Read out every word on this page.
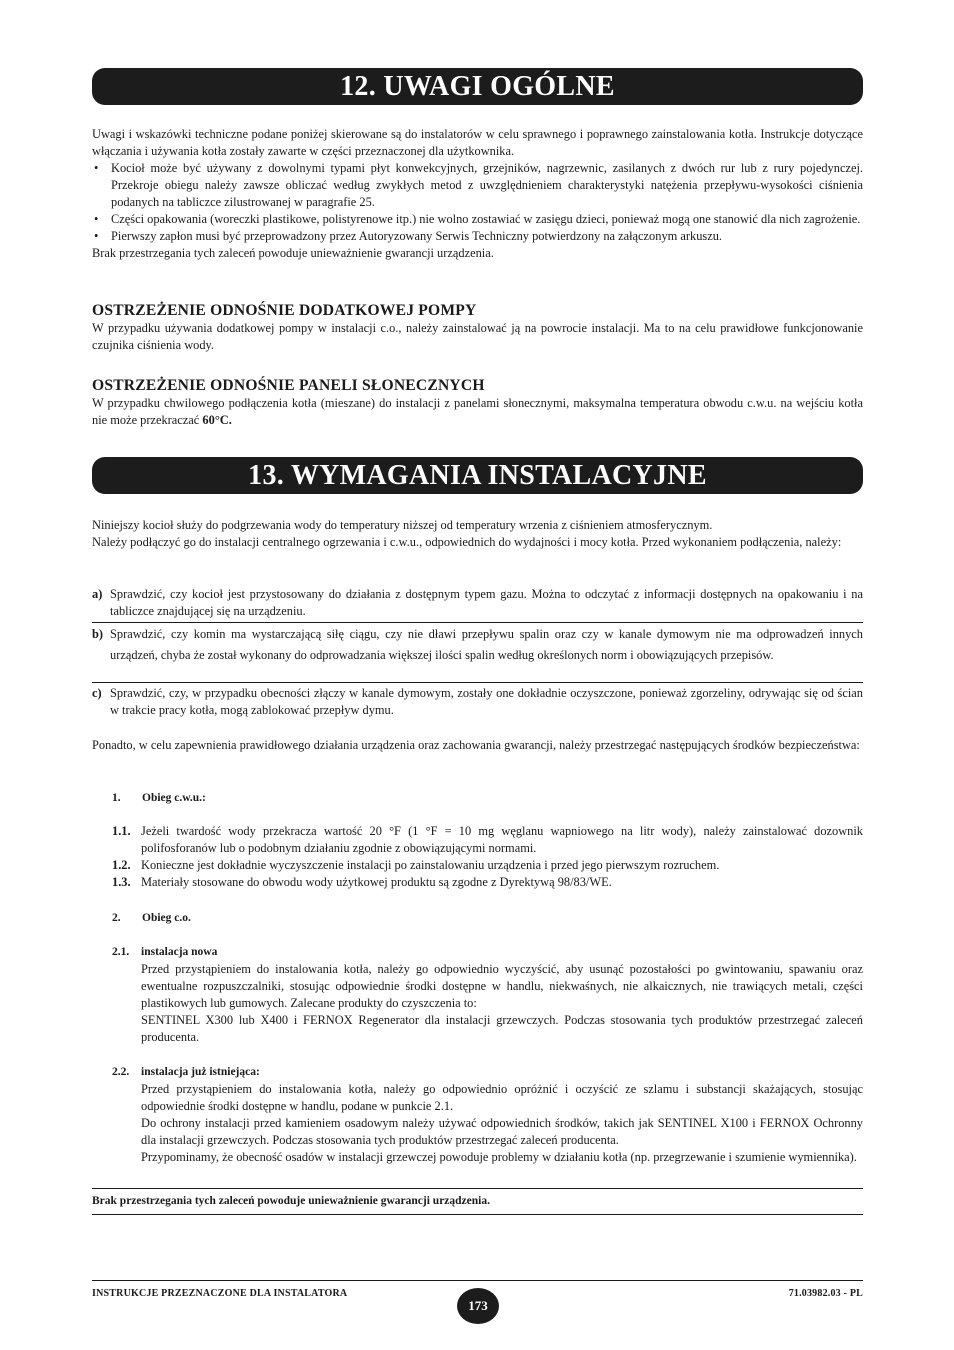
12. UWAGI OGÓLNE

Uwagi i wskazówki techniczne podane poniżej skierowane są do instalatorów w celu sprawnego i poprawnego zainstalowania kotła. Instrukcje dotyczące włączania i używania kotła zostały zawarte w części przeznaczonej dla użytkownika.

• Kocioł może być używany z dowolnymi typami płyt konwekcyjnych, grzejników, nagrzewnic, zasilanych z dwóch rur lub z rury pojedynczej. Przekroje obiegu należy zawsze obliczać według zwykłych metod z uwzględnieniem charakterystyki natężenia przepływu-wysokości ciśnienia podanych na tabliczce zilustrowanej w paragrafie 25.

• Części opakowania (woreczki plastikowe, polistyrenowe itp.) nie wolno zostawiać w zasięgu dzieci, ponieważ mogą one stanowić dla nich zagrożenie.

• Pierwszy zapłon musi być przeprowadzony przez Autoryzowany Serwis Techniczny potwierdzony na załączonym arkuszu.

Brak przestrzegania tych zaleceń powoduje unieważnienie gwarancji urządzenia.

OSTRZEŻENIE ODNOŚNIE DODATKOWEJ POMPY

W przypadku używania dodatkowej pompy w instalacji c.o., należy zainstalować ją na powrocie instalacji. Ma to na celu prawidłowe funkcjonowanie czujnika ciśnienia wody.

OSTRZEŻENIE ODNOŚNIE PANELI SŁONECZNYCH

W przypadku chwilowego podłączenia kotła (mieszane) do instalacji z panelami słonecznymi, maksymalna temperatura obwodu c.w.u. na wejściu kotła nie może przekraczać 60°C.

13. WYMAGANIA INSTALACYJNE

Niniejszy kocioł służy do podgrzewania wody do temperatury niższej od temperatury wrzenia z ciśnieniem atmosferycznym.

Należy podłączyć go do instalacji centralnego ogrzewania i c.w.u., odpowiednich do wydajności i mocy kotła. Przed wykonaniem podłączenia, należy:

a) Sprawdzić, czy kocioł jest przystosowany do działania z dostępnym typem gazu. Można to odczytać z informacji dostępnych na opakowaniu i na tabliczce znajdującej się na urządzeniu.

b) Sprawdzić, czy komin ma wystarczającą siłę ciągu, czy nie dławi przepływu spalin oraz czy w kanale dymowym nie ma odprowadzeń innych urządzeń, chyba że został wykonany do odprowadzania większej ilości spalin według określonych norm i obowiązujących przepisów.

c) Sprawdzić, czy, w przypadku obecności złączy w kanale dymowym, zostały one dokładnie oczyszczone, ponieważ zgorzeliny, odrywając się od ścian w trakcie pracy kotła, mogą zablokować przepływ dymu.

Ponadto, w celu zapewnienia prawidłowego działania urządzenia oraz zachowania gwarancji, należy przestrzegać następujących środków bezpieczeństwa:

1. Obieg c.w.u.:

1.1. Jeżeli twardość wody przekracza wartość 20 °F (1 °F = 10 mg węglanu wapniowego na litr wody), należy zainstalować dozownik polifosforanów lub o podobnym działaniu zgodnie z obowiązującymi normami.

1.2. Konieczne jest dokładnie wyczyszczenie instalacji po zainstalowaniu urządzenia i przed jego pierwszym rozruchem.

1.3. Materiały stosowane do obwodu wody użytkowej produktu są zgodne z Dyrektywą 98/83/WE.

2. Obieg c.o.

2.1. instalacja nowa

Przed przystąpieniem do instalowania kotła, należy go odpowiednio wyczyścić, aby usunąć pozostałości po gwintowaniu, spawaniu oraz ewentualne rozpuszczalniki, stosując odpowiednie środki dostępne w handlu, niekwaśnych, nie alkaicznych, nie trawiących metali, części plastikowych lub gumowych. Zalecane produkty do czyszczenia to:

SENTINEL X300 lub X400 i FERNOX Regenerator dla instalacji grzewczych. Podczas stosowania tych produktów przestrzegać zaleceń producenta.

2.2. instalacja już istniejąca:

Przed przystąpieniem do instalowania kotła, należy go odpowiednio opróżnić i oczyścić ze szlamu i substancji skażających, stosując odpowiednie środki dostępne w handlu, podane w punkcie 2.1.

Do ochrony instalacji przed kamieniem osadowym należy używać odpowiednich środków, takich jak SENTINEL X100 i FERNOX Ochronny dla instalacji grzewczych. Podczas stosowania tych produktów przestrzegać zaleceń producenta.

Przypominamy, że obecność osadów w instalacji grzewczej powoduje problemy w działaniu kotła (np. przegrzewanie i szumienie wymiennika).

Brak przestrzegania tych zaleceń powoduje unieważnienie gwarancji urządzenia.
INSTRUKCJE PRZEZNACZONE DLA INSTALATORA
173
71.03982.03 - PL
